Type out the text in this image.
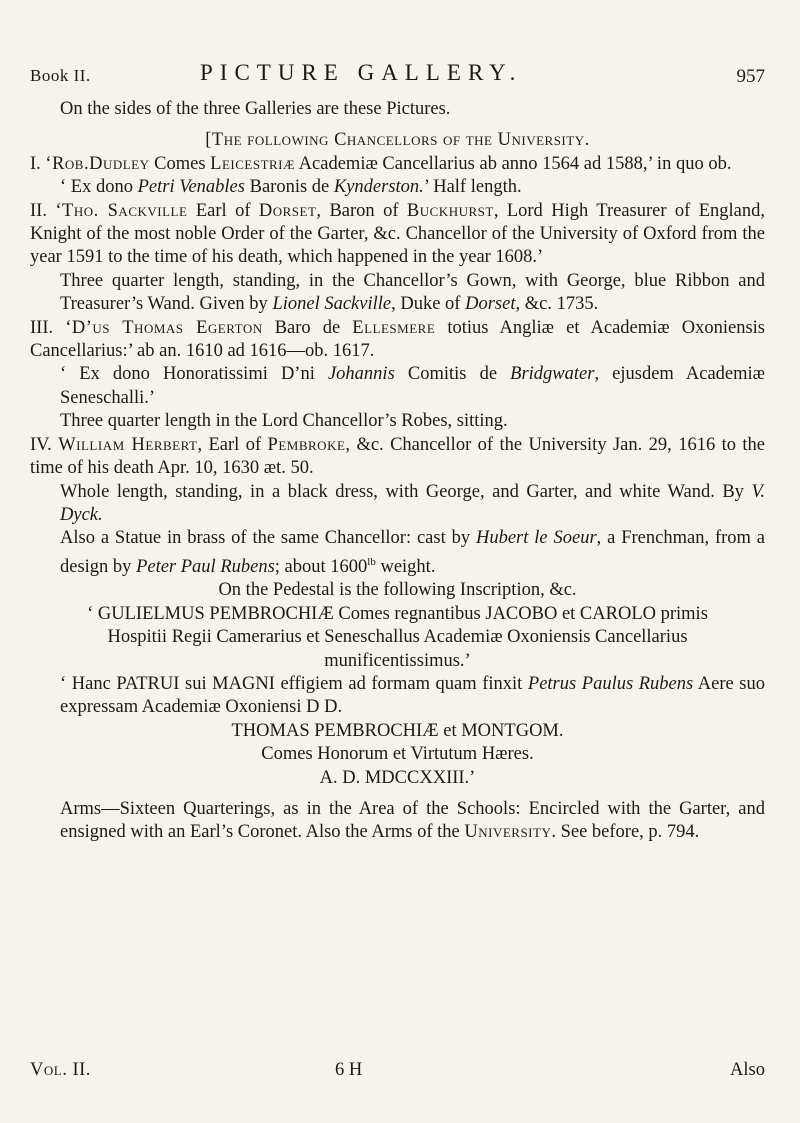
Book II.	PICTURE GALLERY.	957

On the sides of the three Galleries are these Pictures.

[The following Chancellors of the University.

I. ‘Rob.Dudley Comes Leicestriæ Academiæ Cancellarius ab anno 1564 ad 1588,’ in quo ob.

‘ Ex dono Petri Venables Baronis de Kynderston.’ Half length.

II. ‘Tho. Sackville Earl of Dorset, Baron of Buckhurst, Lord High Treasurer of England, Knight of the most noble Order of the Garter, &c. Chancellor of the University of Oxford from the year 1591 to the time of his death, which happened in the year 1608.’

Three quarter length, standing, in the Chancellor’s Gown, with George, blue Ribbon and Treasurer’s Wand. Given by Lionel Sackville, Duke of Dorset, &c. 1735.

III. ‘D’us Thomas Egerton Baro de Ellesmere totius Angliæ et Academiæ Oxoniensis Cancellarius:’ ab an. 1610 ad 1616—ob. 1617.

‘ Ex dono Honoratissimi D’ni Johannis Comitis de Bridgwater, ejusdem Academiæ Seneschalli.’

Three quarter length in the Lord Chancellor’s Robes, sitting.

IV. William Herbert, Earl of Pembroke, &c. Chancellor of the University Jan. 29, 1616 to the time of his death Apr. 10, 1630 æt. 50.

Whole length, standing, in a black dress, with George, and Garter, and white Wand. By V. Dyck.

Also a Statue in brass of the same Chancellor: cast by Hubert le Soeur, a Frenchman, from a design by Peter Paul Rubens; about $1600^{lb}$ weight.

On the Pedestal is the following Inscription, &c.

‘ GULIELMUS PEMBROCHIÆ Comes regnantibus JACOBO et CAROLO primis Hospitii Regii Camerarius et Seneschallus Academiæ Oxoniensis Cancellarius munificentissimus.’

‘ Hanc PATRUI sui MAGNI effigiem ad formam quam finxit Petrus Paulus Rubens Aere suo expressam Academiæ Oxoniensi D D.

THOMAS PEMBROCHIÆ et MONTGOM.

Comes Honorum et Virtutum Hæres.

A. D. MDCCXXIII.’

Arms—Sixteen Quarterings, as in the Area of the Schools: Encircled with the Garter, and ensigned with an Earl’s Coronet. Also the Arms of the University. See before, p. 794.

Vol. II.	6 H	Also
